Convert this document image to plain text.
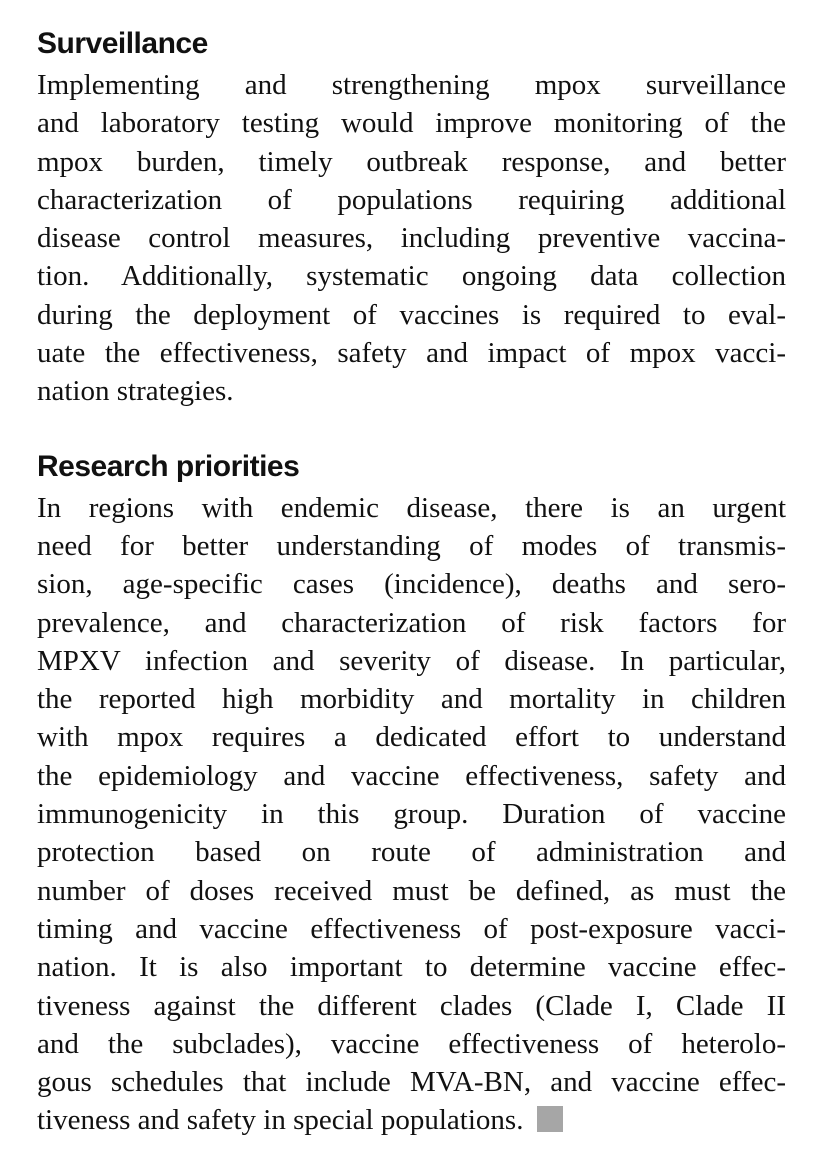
Surveillance
Implementing and strengthening mpox surveillance
and laboratory testing would improve monitoring of the
mpox burden, timely outbreak response, and better
characterization of populations requiring additional
disease control measures, including preventive vaccina-
tion. Additionally, systematic ongoing data collection
during the deployment of vaccines is required to eval-
uate the effectiveness, safety and impact of mpox vacci-
nation strategies.
Research priorities
In regions with endemic disease, there is an urgent
need for better understanding of modes of transmis-
sion, age-specific cases (incidence), deaths and sero-
prevalence, and characterization of risk factors for
MPXV infection and severity of disease. In particular,
the reported high morbidity and mortality in children
with mpox requires a dedicated effort to understand
the epidemiology and vaccine effectiveness, safety and
immunogenicity in this group. Duration of vaccine
protection based on route of administration and
number of doses received must be defined, as must the
timing and vaccine effectiveness of post-exposure vacci-
nation. It is also important to determine vaccine effec-
tiveness against the different clades (Clade I, Clade II
and the subclades), vaccine effectiveness of heterolo-
gous schedules that include MVA-BN, and vaccine effec-
tiveness and safety in special populations.
